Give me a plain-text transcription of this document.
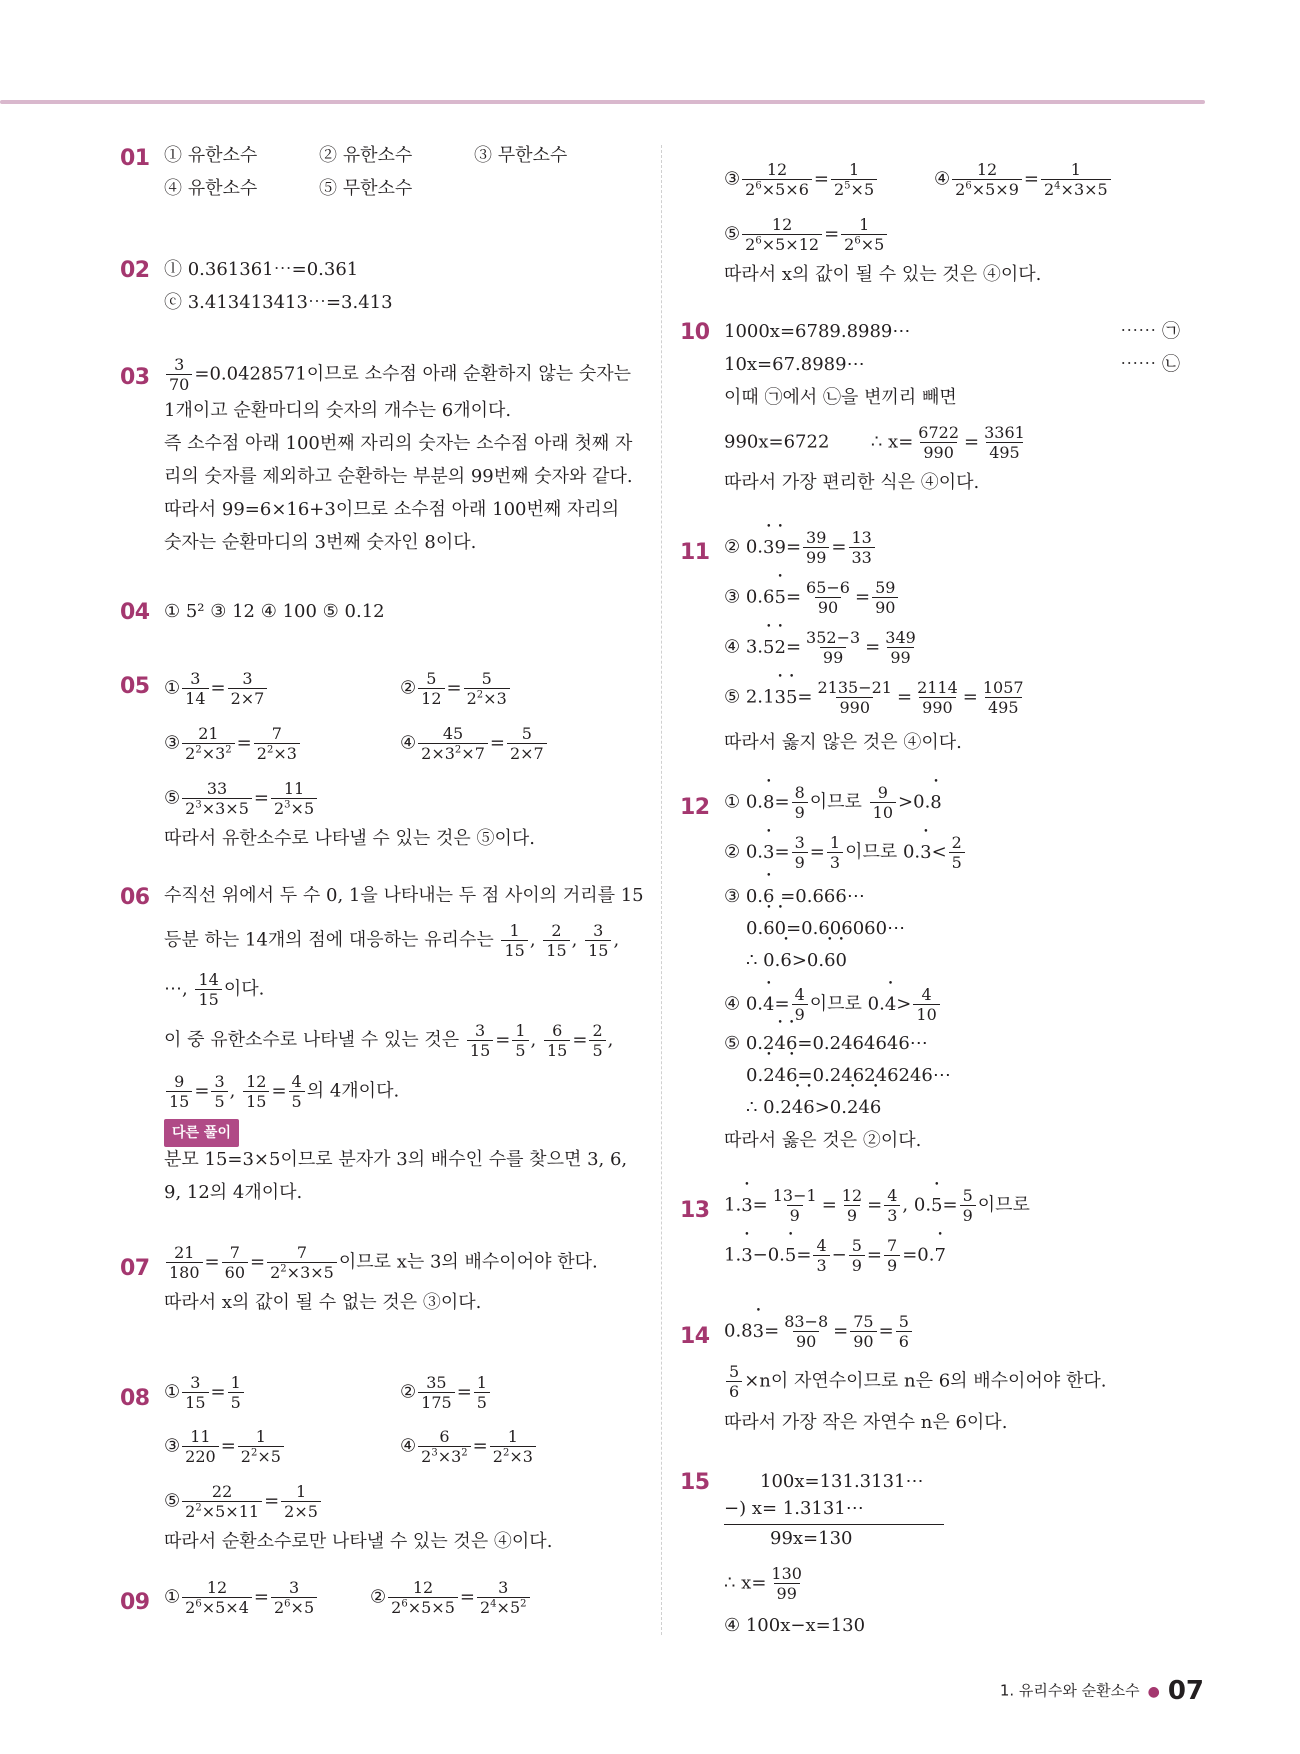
01 ① 유한소수	② 유한소수	③ 무한소수
④ 유한소수	⑤ 무한소수
02 ⓛ 0.361361⋯=0.361
ⓒ 3.413413413⋯=3.413
$03 \frac{3}{70} =0.0428571$이므로 소수점 아래 순환하지 않는 숫자는
1개이고 순환마디의 숫자의 개수는 6개이다.
즉 소수점 아래 100번째 자리의 숫자는 소수점 아래 첫째 자
리의 숫자를 제외하고 순환하는 부분의 99번째 숫자와 같다.
따라서 99=6×16+3이므로 소수점 아래 100번째 자리의
숫자는 순환마디의 3번째 숫자인 8이다.
04 ① 5² ③ 12 ④ 100 ⑤ 0.12
05 ① $\frac{3}{14} = \frac{3}{2\times 7}$	② $\frac{5}{12} = \frac{5}{2^2\times 3}$
③ $\frac{21}{2^2\times 3^2} = \frac{7}{2^2\times 3}$	④ $\frac{45}{2\times 3^2\times 7} = \frac{5}{2\times 7}$
⑤ $\frac{33}{2^3\times 3\times 5} = \frac{11}{2^3\times 5}$
따라서 유한소수로 나타낼 수 있는 것은 ⑤이다.
06 수직선 위에서 두 수 0, 1을 나타내는 두 점 사이의 거리를 15
등분 하는 14개의 점에 대응하는 유리수는 $\frac{1}{15}$ , $\frac{2}{15}$ , $\frac{3}{15}$ ,
⋯, $\frac{14}{15}$ 이다.
이 중 유한소수로 나타낼 수 있는 것은 $\frac{3}{15} = \frac{1}{5}$ , $\frac{6}{15} = \frac{2}{5}$ ,
$\frac{9}{15} = \frac{3}{5}$ , $\frac{12}{15} = \frac{4}{5}$ 의 4개이다.
다른 풀이
분모 15=3×5이므로 분자가 3의 배수인 수를 찾으면 3, 6,
9, 12의 4개이다.
$07 \frac{21}{180} = \frac{7}{60} = \frac{7}{2^2\times 3\times 5}$ 이므로 x는 3의 배수이어야 한다.
따라서 x의 값이 될 수 없는 것은 ③이다.
08 ① $\frac{3}{15} = \frac{1}{5}$	② $\frac{35}{175} = \frac{1}{5}$
③ $\frac{11}{220} = \frac{1}{2^2\times 5}$	④ $\frac{6}{2^3\times 3^2} = \frac{1}{2^2\times 3}$
⑤ $\frac{22}{2^2\times 5\times 11} = \frac{1}{2\times 5}$
따라서 순환소수로만 나타낼 수 있는 것은 ④이다.
09 ① $\frac{12}{2^6\times 5\times 4} = \frac{3}{2^6\times 5}$	② $\frac{12}{2^6\times 5\times 5} = \frac{3}{2^4\times 5^2}$
③ $\frac{12}{2^6\times 5\times 6} = \frac{1}{2^5\times 5}$	④ $\frac{12}{2^6\times 5\times 9} = \frac{1}{2^4\times 3\times 5}$
⑤ $\frac{12}{2^6\times 5\times 12} = \frac{1}{2^6\times 5}$
따라서 x의 값이 될 수 있는 것은 ④이다.
10 1000x=6789.8989⋯	⋯⋯ ㉠
10x=67.8989⋯	⋯⋯ ㉡
이때 ㉠에서 ㉡을 변끼리 빼면
990x=6722 ∴ $x= \frac{6722}{990} = \frac{3361}{495}$
따라서 가장 편리한 식은 ④이다.
11 ② 0.• 3• $9= \frac{39}{99} = \frac{13}{33}$
③ 0.6• $5= \frac{65-6}{90} = \frac{59}{90}$
④ 3.• 5• $2= \frac{352-3}{99} = \frac{349}{99}$
⑤ 2.1• 3• $5= \frac{2135-21}{990} = \frac{2114}{990} = \frac{1057}{495}$
따라서 옳지 않은 것은 ④이다.
12 ① 0.• $8= \frac{8}{9}$ 이므로 $\frac{9}{10}$ >0.• 8
② 0.• $3= \frac{3}{9} = \frac{1}{3}$ 이므로 0.• $3< \frac{2}{5}$
③ 0.• 6 =0.666⋯
0.• 6• 0=0.606060⋯
∴ 0.• 6>0.• 6• 0
④ 0.• $4= \frac{4}{9}$ 이므로 0.• $4> \frac{4}{10}$
⑤ 0.2• 4• 6=0.2464646⋯
0.• 24• 6=0.246246246⋯
∴ 0.2• 4• 6>0.• 24• 6
따라서 옳은 것은 ②이다.
13 1.• $3= \frac{13-1}{9} = \frac{12}{9} = \frac{4}{3}$ , 0.• $5= \frac{5}{9}$ 이므로
1.• 3−0.• $5= \frac{4}{3} - \frac{5}{9} = \frac{7}{9}$ =0.• 7
14 0.8• $3= \frac{83-8}{90} = \frac{75}{90} = \frac{5}{6}$
$\frac{5}{6} \times n$이 자연수이므로 n은 6의 배수이어야 한다.
따라서 가장 작은 자연수 n은 6이다.
15	100x=131.3131⋯
−) x= 1.3131⋯
99x=130
∴ $x= \frac{130}{99}$
④ 100x−x=130
1. 유리수와 순환소수 ● 07
